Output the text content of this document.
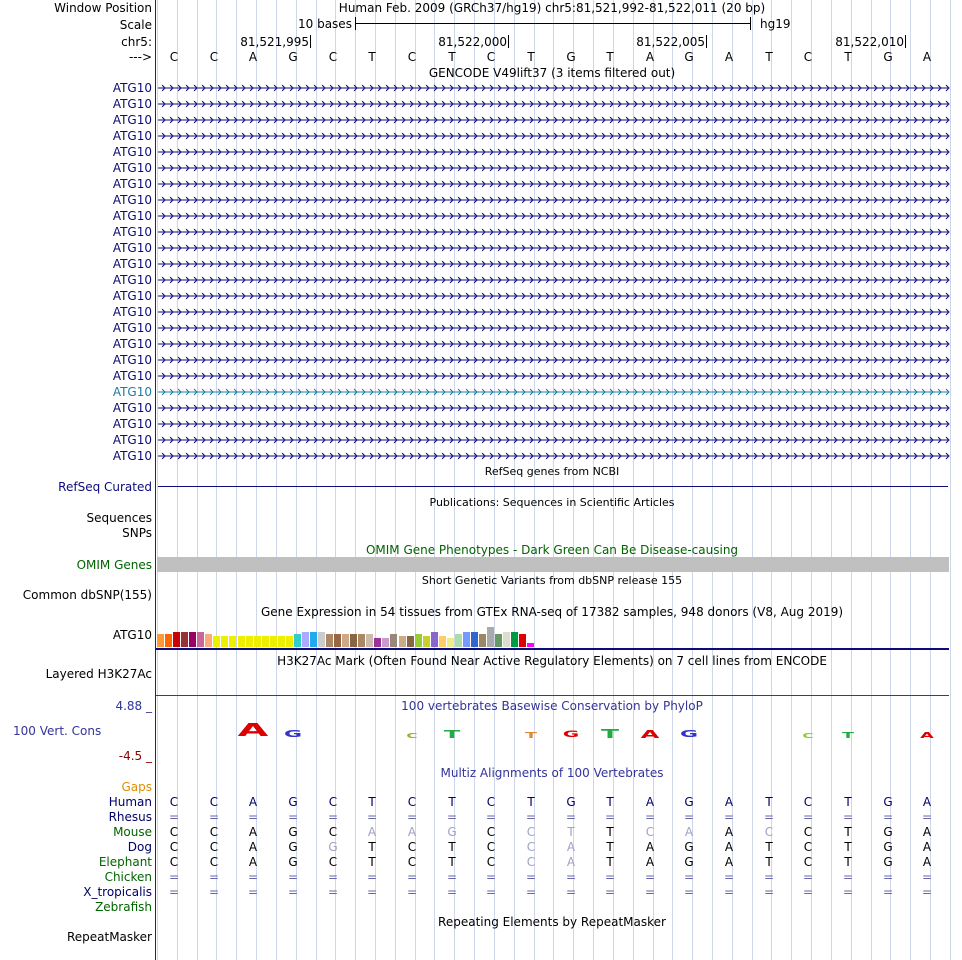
Window Position	Human Feb. 2009 (GRCh37/hg19) chr5:81,521,992-81,522,011 (20 bp)
Scale	10 bases	hg19
chr5:	81,521,995	81,522,000	81,522,005	81,522,010
---> C	C	A	G	C	T	C	T	C	T	G	T	A	G	A	T	C	T	G	A
GENCODE V49lift37 (3 items filtered out)
ATG10
ATG10
ATG10
ATG10
ATG10
ATG10
ATG10
ATG10
ATG10
ATG10
ATG10
ATG10
ATG10
ATG10
ATG10
ATG10
ATG10
ATG10
ATG10
ATG10
ATG10
ATG10
ATG10
ATG10
RefSeq genes from NCBI
RefSeq Curated
Publications: Sequences in Scientific Articles
Sequences
SNPs
OMIM Gene Phenotypes - Dark Green Can Be Disease-causing
OMIM Genes
Short Genetic Variants from dbSNP release 155
Common dbSNP(155)
Gene Expression in 54 tissues from GTEx RNA-seq of 17382 samples, 948 donors (V8, Aug 2019)
ATG10
H3K27Ac Mark (Often Found Near Active Regulatory Elements) on 7 cell lines from ENCODE
Layered H3K27Ac
100 vertebrates Basewise Conservation by PhyloP
4.88 _
100 Vert. Cons
-4.5 _
A	G	C	T	T	G	T	A	G	C	T	A
Multiz Alignments of 100 Vertebrates
Gaps
Human C	C	A	G	C	T	C	T	C	T	G	T	A	G	A	T	C	T	G	A
Rhesus = = = = = = = = = = = = = = = = = = = =
Mouse C	C	A	G	C	A	A	G	C	C	T	T	C	A	A	C	C	T	G	A
Dog C	C	A	G	G	T	C	T	C	C	A	T	A	G	A	T	C	T	G	A
Elephant C	C	A	G	C	T	C	T	C	C	A	T	A	G	A	T	C	T	G	A
Chicken = = = = = = = = = = = = = = = = = = = =
X_tropicalis = = = = = = = = = = = = = = = = = = = =
Zebrafish
Repeating Elements by RepeatMasker
RepeatMasker
